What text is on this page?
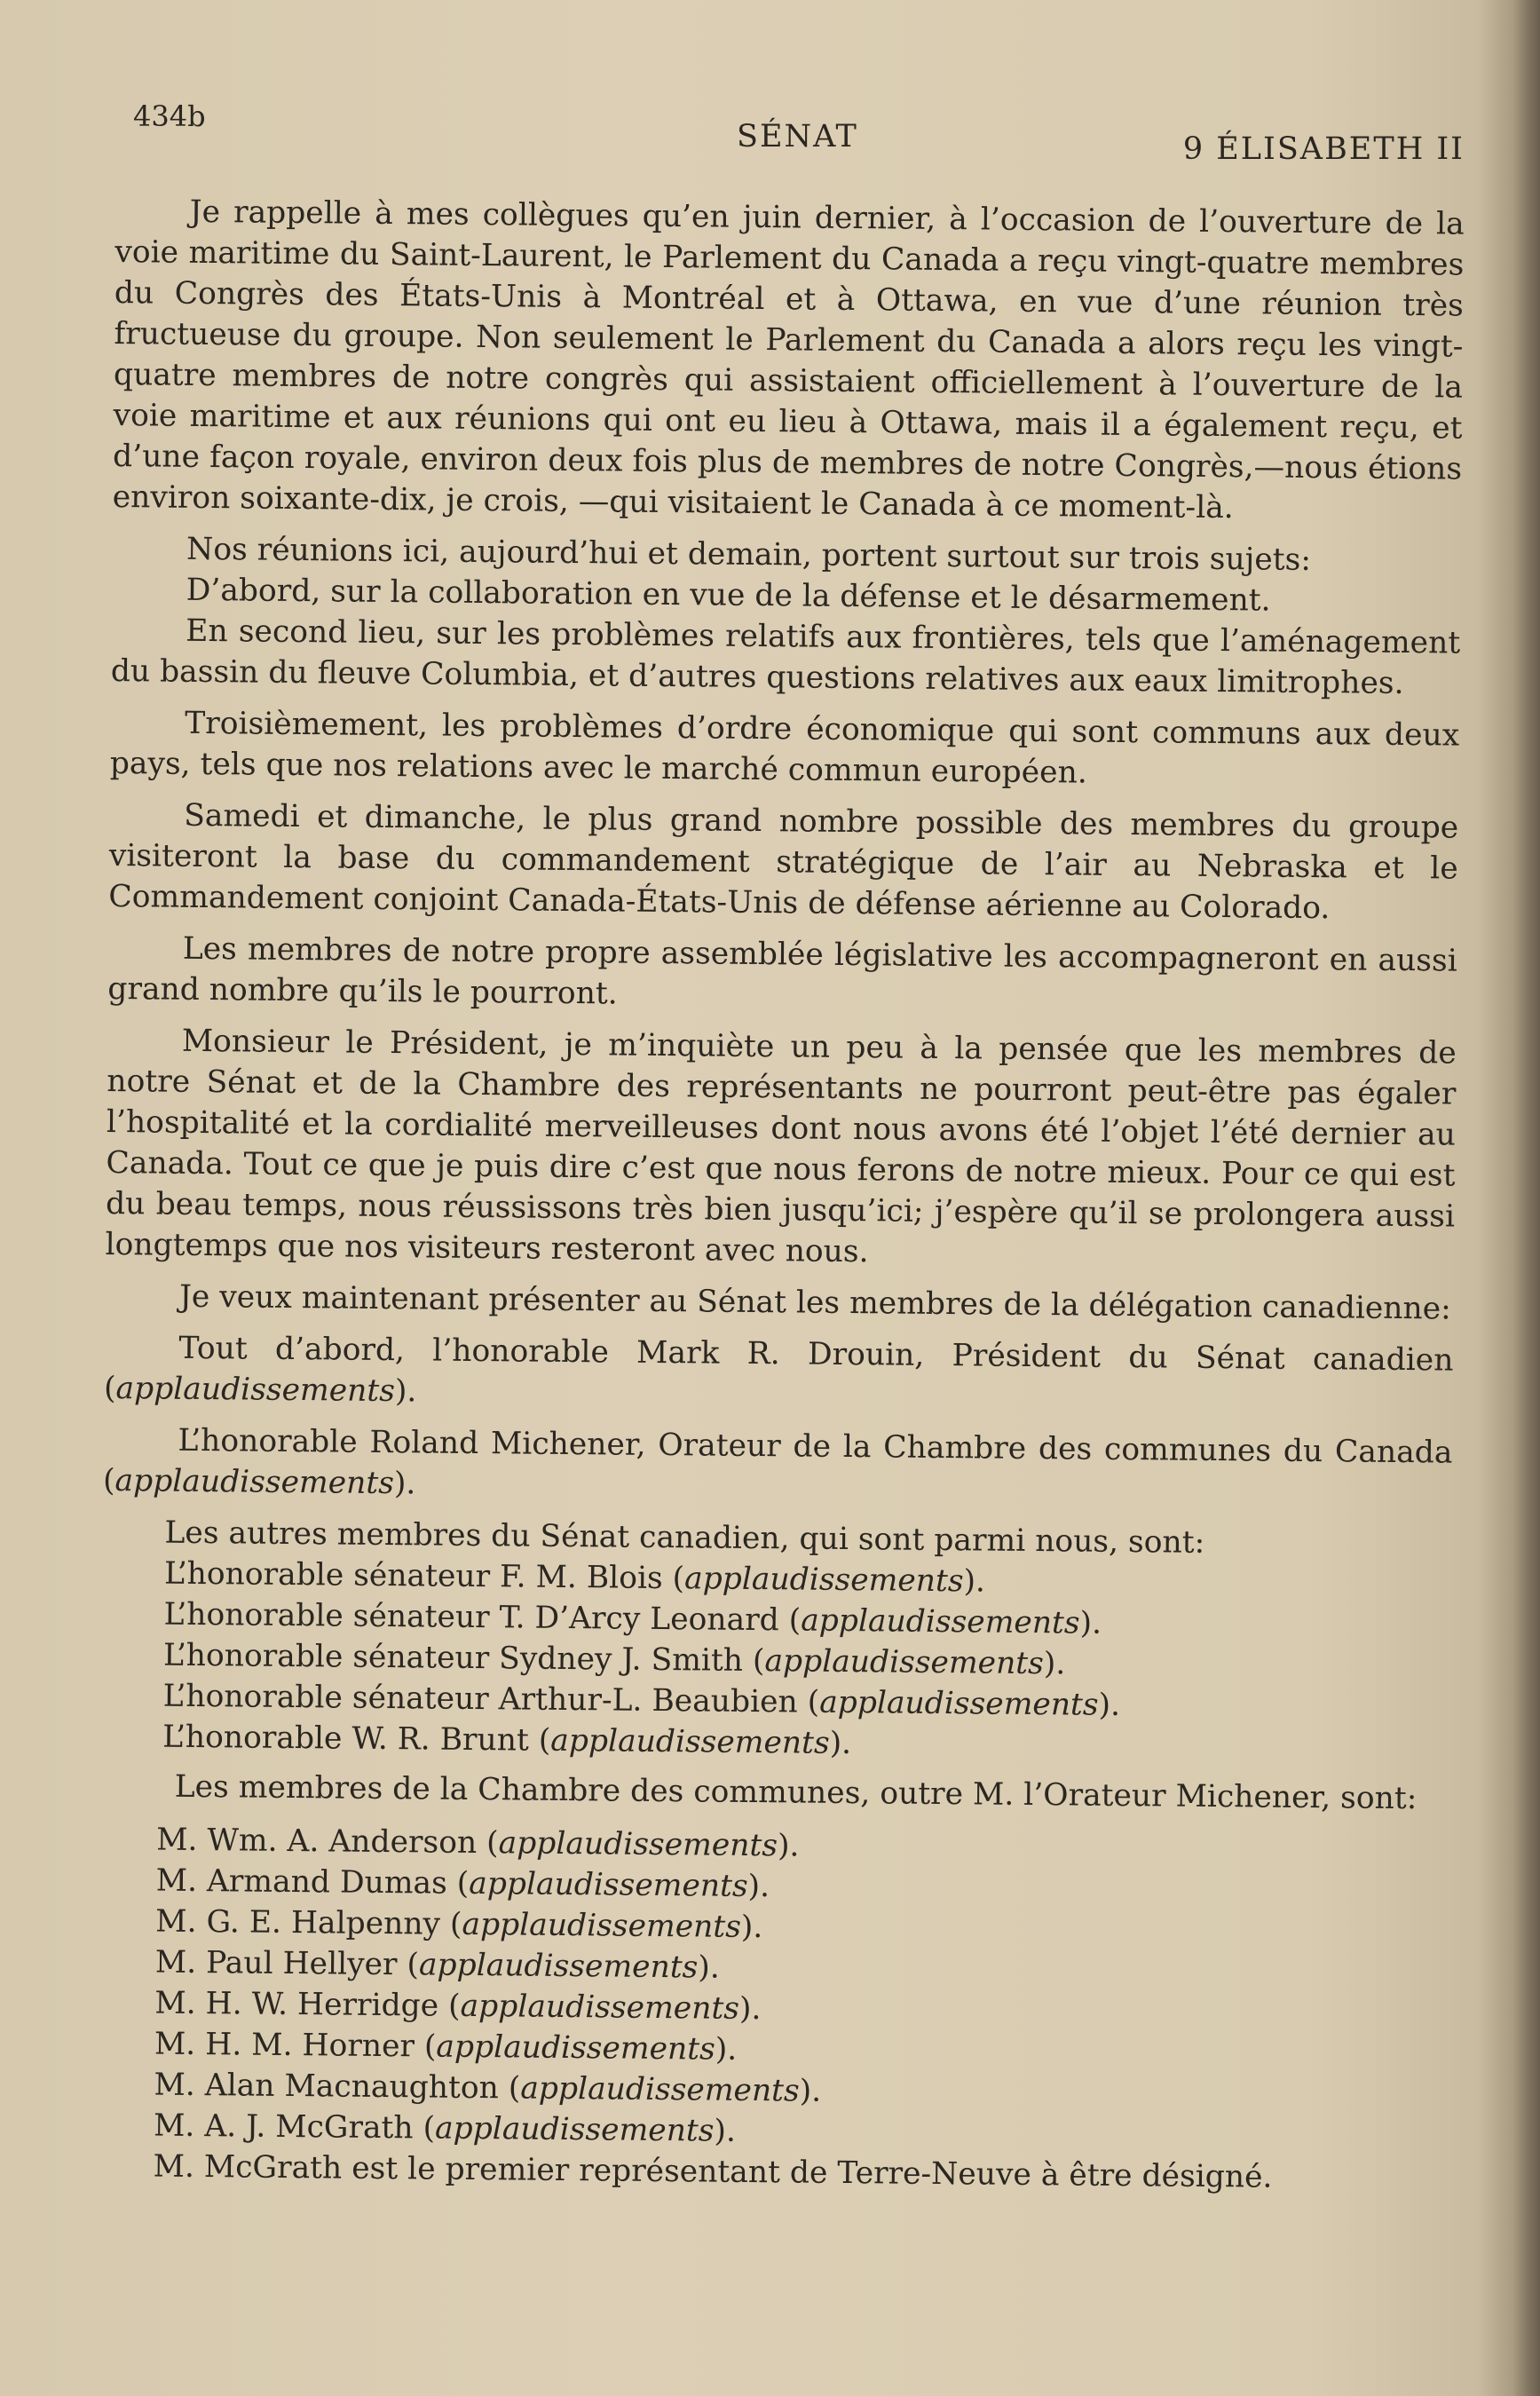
434b
SÉNAT	9 ÉLISABETH II

Je rappelle à mes collègues qu’en juin dernier, à l’occasion de l’ouverture de la voie maritime du Saint-Laurent, le Parlement du Canada a reçu vingt-quatre membres du Congrès des États-Unis à Montréal et à Ottawa, en vue d’une réunion très fructueuse du groupe. Non seulement le Parlement du Canada a alors reçu les vingt-quatre membres de notre congrès qui assistaient officiellement à l’ouverture de la voie maritime et aux réunions qui ont eu lieu à Ottawa, mais il a également reçu, et d’une façon royale, environ deux fois plus de membres de notre Congrès,—nous étions environ soixante-dix, je crois, —qui visitaient le Canada à ce moment-là.

Nos réunions ici, aujourd’hui et demain, portent surtout sur trois sujets:

D’abord, sur la collaboration en vue de la défense et le désarmement.

En second lieu, sur les problèmes relatifs aux frontières, tels que l’aménagement du bassin du fleuve Columbia, et d’autres questions relatives aux eaux limitrophes.

Troisièmement, les problèmes d’ordre économique qui sont communs aux deux pays, tels que nos relations avec le marché commun européen.

Samedi et dimanche, le plus grand nombre possible des membres du groupe visiteront la base du commandement stratégique de l’air au Nebraska et le Commandement conjoint Canada-États-Unis de défense aérienne au Colorado.

Les membres de notre propre assemblée législative les accompagneront en aussi grand nombre qu’ils le pourront.

Monsieur le Président, je m’inquiète un peu à la pensée que les membres de notre Sénat et de la Chambre des représentants ne pourront peut-être pas égaler l’hospitalité et la cordialité merveilleuses dont nous avons été l’objet l’été dernier au Canada. Tout ce que je puis dire c’est que nous ferons de notre mieux. Pour ce qui est du beau temps, nous réussissons très bien jusqu’ici; j’espère qu’il se prolongera aussi longtemps que nos visiteurs resteront avec nous.

Je veux maintenant présenter au Sénat les membres de la délégation canadienne:

Tout d’abord, l’honorable Mark R. Drouin, Président du Sénat canadien (applaudissements).

L’honorable Roland Michener, Orateur de la Chambre des communes du Canada (applaudissements).

Les autres membres du Sénat canadien, qui sont parmi nous, sont:

L’honorable sénateur F. M. Blois (applaudissements).

L’honorable sénateur T. D’Arcy Leonard (applaudissements).

L’honorable sénateur Sydney J. Smith (applaudissements).

L’honorable sénateur Arthur-L. Beaubien (applaudissements).

L’honorable W. R. Brunt (applaudissements).

Les membres de la Chambre des communes, outre M. l’Orateur Michener, sont:

M. Wm. A. Anderson (applaudissements).

M. Armand Dumas (applaudissements).

M. G. E. Halpenny (applaudissements).

M. Paul Hellyer (applaudissements).

M. H. W. Herridge (applaudissements).

M. H. M. Horner (applaudissements).

M. Alan Macnaughton (applaudissements).

M. A. J. McGrath (applaudissements).

M. McGrath est le premier représentant de Terre-Neuve à être désigné.
